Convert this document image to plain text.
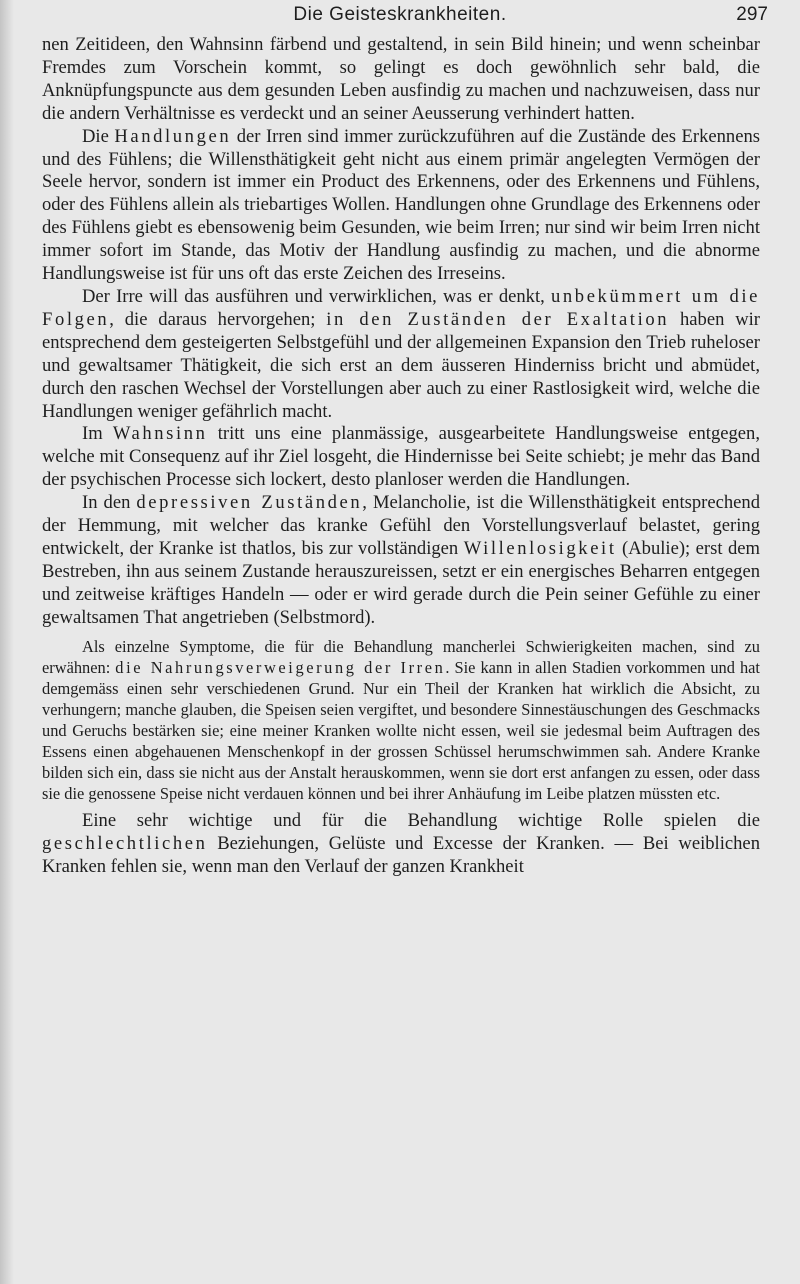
Die Geisteskrankheiten.	297

nen Zeitideen, den Wahnsinn färbend und gestaltend, in sein Bild hinein; und wenn scheinbar Fremdes zum Vorschein kommt, so gelingt es doch gewöhnlich sehr bald, die Anknüpfungspuncte aus dem gesunden Leben ausfindig zu machen und nachzuweisen, dass nur die andern Verhältnisse es verdeckt und an seiner Aeusserung verhindert hatten.

Die Handlungen der Irren sind immer zurückzuführen auf die Zustände des Erkennens und des Fühlens; die Willensthätigkeit geht nicht aus einem primär angelegten Vermögen der Seele hervor, sondern ist immer ein Product des Erkennens, oder des Erkennens und Fühlens, oder des Fühlens allein als triebartiges Wollen. Handlungen ohne Grundlage des Erkennens oder des Fühlens giebt es ebensowenig beim Gesunden, wie beim Irren; nur sind wir beim Irren nicht immer sofort im Stande, das Motiv der Handlung ausfindig zu machen, und die abnorme Handlungsweise ist für uns oft das erste Zeichen des Irreseins.

Der Irre will das ausführen und verwirklichen, was er denkt, unbekümmert um die Folgen, die daraus hervorgehen; in den Zuständen der Exaltation haben wir entsprechend dem gesteigerten Selbstgefühl und der allgemeinen Expansion den Trieb ruheloser und gewaltsamer Thätigkeit, die sich erst an dem äusseren Hinderniss bricht und abmüdet, durch den raschen Wechsel der Vorstellungen aber auch zu einer Rastlosigkeit wird, welche die Handlungen weniger gefährlich macht.

Im Wahnsinn tritt uns eine planmässige, ausgearbeitete Handlungsweise entgegen, welche mit Consequenz auf ihr Ziel losgeht, die Hindernisse bei Seite schiebt; je mehr das Band der psychischen Processe sich lockert, desto planloser werden die Handlungen.

In den depressiven Zuständen, Melancholie, ist die Willensthätigkeit entsprechend der Hemmung, mit welcher das kranke Gefühl den Vorstellungsverlauf belastet, gering entwickelt, der Kranke ist thatlos, bis zur vollständigen Willenlosigkeit (Abulie); erst dem Bestreben, ihn aus seinem Zustande herauszureissen, setzt er ein energisches Beharren entgegen und zeitweise kräftiges Handeln — oder er wird gerade durch die Pein seiner Gefühle zu einer gewaltsamen That angetrieben (Selbstmord).

Als einzelne Symptome, die für die Behandlung mancherlei Schwierigkeiten machen, sind zu erwähnen: die Nahrungsverweigerung der Irren. Sie kann in allen Stadien vorkommen und hat demgemäss einen sehr verschiedenen Grund. Nur ein Theil der Kranken hat wirklich die Absicht, zu verhungern; manche glauben, die Speisen seien vergiftet, und besondere Sinnestäuschungen des Geschmacks und Geruchs bestärken sie; eine meiner Kranken wollte nicht essen, weil sie jedesmal beim Auftragen des Essens einen abgehauenen Menschenkopf in der grossen Schüssel herumschwimmen sah. Andere Kranke bilden sich ein, dass sie nicht aus der Anstalt herauskommen, wenn sie dort erst anfangen zu essen, oder dass sie die genossene Speise nicht verdauen können und bei ihrer Anhäufung im Leibe platzen müssten etc.

Eine sehr wichtige und für die Behandlung wichtige Rolle spielen die geschlechtlichen Beziehungen, Gelüste und Excesse der Kranken. — Bei weiblichen Kranken fehlen sie, wenn man den Verlauf der ganzen Krankheit
